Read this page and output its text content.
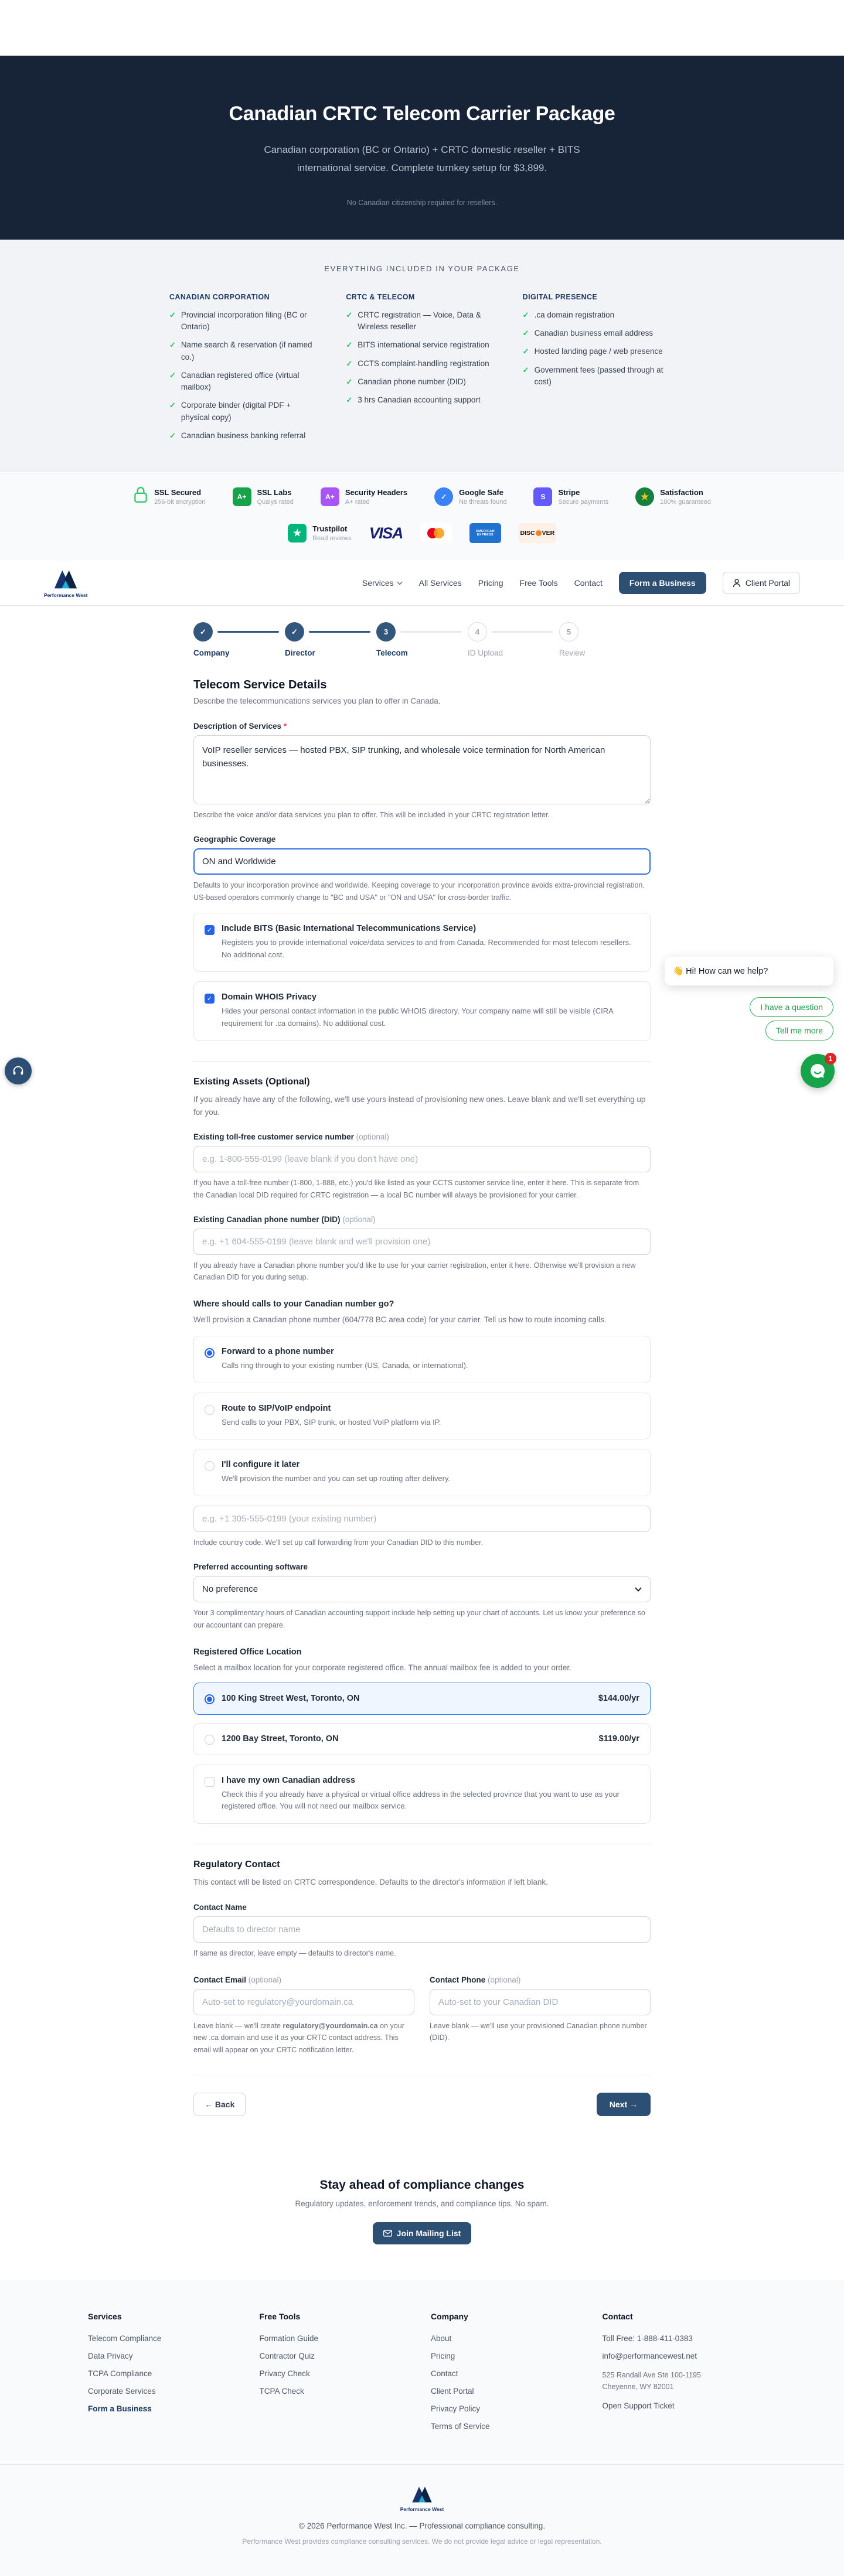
Canadian CRTC Telecom Carrier Package

Canadian corporation (BC or Ontario) + CRTC domestic reseller + BITS international service. Complete turnkey setup for $3,899.

No Canadian citizenship required for resellers.

EVERYTHING INCLUDED IN YOUR PACKAGE

CANADIAN CORPORATION
✓ Provincial incorporation filing (BC or Ontario)
✓ Name search & reservation (if named co.)
✓ Canadian registered office (virtual mailbox)
✓ Corporate binder (digital PDF + physical copy)
✓ Canadian business banking referral
CRTC & TELECOM
✓ CRTC registration — Voice, Data & Wireless reseller
✓ BITS international service registration
✓ CCTS complaint-handling registration
✓ Canadian phone number (DID)
✓ 3 hrs Canadian accounting support
DIGITAL PRESENCE
✓ .ca domain registration
✓ Canadian business email address
✓ Hosted landing page / web presence
✓ Government fees (passed through at cost)
SSL Secured
256-bit encryption
A+	SSL Labs
Qualys rated
A+	Security Headers
A+ rated
✓	Google Safe
No threats found
S	Stripe
Secure payments	★	Satisfaction
100% guaranteed
★	Trustpilot
Read reviews VISA	AMERICAN EXPRESS	DISC VER
Performance West
Services	All Services Pricing Free Tools Contact	Form a Business	Client Portal
✓
Company
✓
Director
3
Telecom
4
ID Upload
5
Review
Telecom Service Details

Describe the telecommunications services you plan to offer in Canada.

Description of Services *
VoIP reseller services — hosted PBX, SIP trunking, and wholesale voice termination for North American businesses.

Describe the voice and/or data services you plan to offer. This will be included in your CRTC registration letter.

Geographic Coverage
ON and Worldwide

Defaults to your incorporation province and worldwide. Keeping coverage to your incorporation province avoids extra-provincial registration. US-based operators commonly change to "BC and USA" or "ON and USA" for cross-border traffic.

✓ Include BITS (Basic International Telecommunications Service)
Registers you to provide international voice/data services to and from Canada. Recommended for most telecom resellers. No additional cost.
✓ Domain WHOIS Privacy
Hides your personal contact information in the public WHOIS directory. Your company name will still be visible (CIRA requirement for .ca domains). No additional cost.
Existing Assets (Optional)

If you already have any of the following, we'll use yours instead of provisioning new ones. Leave blank and we'll set everything up for you.

Existing toll-free customer service number (optional)
e.g. 1-800-555-0199 (leave blank if you don't have one)

If you have a toll-free number (1-800, 1-888, etc.) you'd like listed as your CCTS customer service line, enter it here. This is separate from the Canadian local DID required for CRTC registration — a local BC number will always be provisioned for your carrier.

Existing Canadian phone number (DID) (optional)
e.g. +1 604-555-0199 (leave blank and we'll provision one)

If you already have a Canadian phone number you'd like to use for your carrier registration, enter it here. Otherwise we'll provision a new Canadian DID for you during setup.

Where should calls to your Canadian number go?

We'll provision a Canadian phone number (604/778 BC area code) for your carrier. Tell us how to route incoming calls.

Forward to a phone number
Calls ring through to your existing number (US, Canada, or international).
Route to SIP/VoIP endpoint
Send calls to your PBX, SIP trunk, or hosted VoIP platform via IP.
I'll configure it later
We'll provision the number and you can set up routing after delivery.
e.g. +1 305-555-0199 (your existing number)

Include country code. We'll set up call forwarding from your Canadian DID to this number.

Preferred accounting software
No preference

Your 3 complimentary hours of Canadian accounting support include help setting up your chart of accounts. Let us know your preference so our accountant can prepare.

Registered Office Location

Select a mailbox location for your corporate registered office. The annual mailbox fee is added to your order.

100 King Street West, Toronto, ON	$144.00/yr
1200 Bay Street, Toronto, ON	$119.00/yr
I have my own Canadian address
Check this if you already have a physical or virtual office address in the selected province that you want to use as your registered office. You will not need our mailbox service.
Regulatory Contact

This contact will be listed on CRTC correspondence. Defaults to the director's information if left blank.

Contact Name
Defaults to director name

If same as director, leave empty — defaults to director's name.

Contact Email (optional)
Auto-set to regulatory@yourdomain.ca

Leave blank — we'll create regulatory@yourdomain.ca on your new .ca domain and use it as your CRTC contact address. This email will appear on your CRTC notification letter.

Contact Phone (optional)
Auto-set to your Canadian DID

Leave blank — we'll use your provisioned Canadian phone number (DID).

← Back	Next →
Stay ahead of compliance changes

Regulatory updates, enforcement trends, and compliance tips. No spam.

Join Mailing List
Services
Telecom Compliance
Data Privacy
TCPA Compliance
Corporate Services
Form a Business
Free Tools
Formation Guide
Contractor Quiz
Privacy Check
TCPA Check
Company
About
Pricing
Contact
Client Portal
Privacy Policy
Terms of Service
Contact
Toll Free: 1-888-411-0383
info@performancewest.net
525 Randall Ave Ste 100-1195
Cheyenne, WY 82001
Open Support Ticket
Performance West

© 2026 Performance West Inc. — Professional compliance consulting.

Performance West provides compliance consulting services. We do not provide legal advice or legal representation.

👋 Hi! How can we help?
I have a question
Tell me more
1
